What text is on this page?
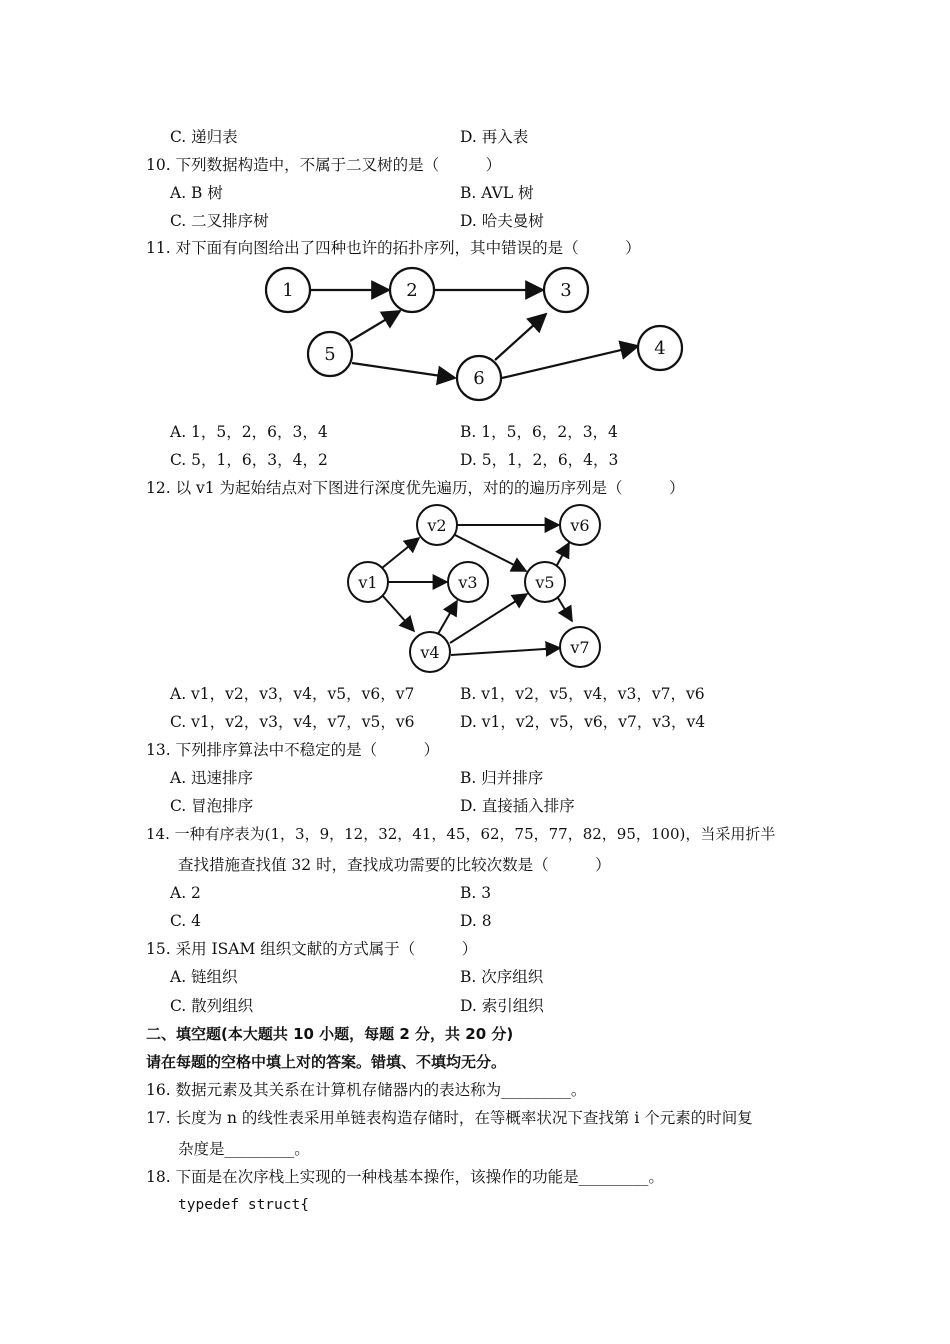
C. 递归表	D. 再入表
10. 下列数据构造中，不属于二叉树的是（　　　）
A. B 树	B. AVL 树
C. 二叉排序树	D. 哈夫曼树
11. 对下面有向图给出了四种也许的拓扑序列，其中错误的是（　　　）
1	2	3
4
5
6
A. 1，5，2，6，3，4	B. 1，5，6，2，3，4
C. 5，1，6，3，4，2	D. 5，1，2，6，4，3
12. 以 v1 为起始结点对下图进行深度优先遍历，对的的遍历序列是（　　　）
v1
v2
v3
v4
v5
v6
v7
A. v1，v2，v3，v4，v5，v6，v7	B. v1，v2，v5，v4，v3，v7，v6
C. v1，v2，v3，v4，v7，v5，v6	D. v1，v2，v5，v6，v7，v3，v4
13. 下列排序算法中不稳定的是（　　　）
A. 迅速排序	B. 归并排序
C. 冒泡排序	D. 直接插入排序
14. 一种有序表为(1，3，9，12，32，41，45，62，75，77，82，95，100)，当采用折半
查找措施查找值 32 时，查找成功需要的比较次数是（　　　）
A. 2	B. 3
C. 4	D. 8
15. 采用 ISAM 组织文献的方式属于（　　　）
A. 链组织	B. 次序组织
C. 散列组织	D. 索引组织
二、填空题(本大题共 10 小题，每题 2 分，共 20 分)
请在每题的空格中填上对的答案。错填、不填均无分。
16. 数据元素及其关系在计算机存储器内的表达称为_________。
17. 长度为 n 的线性表采用单链表构造存储时，在等概率状况下查找第 i 个元素的时间复
杂度是_________。
18. 下面是在次序栈上实现的一种栈基本操作，该操作的功能是_________。
typedef struct{
